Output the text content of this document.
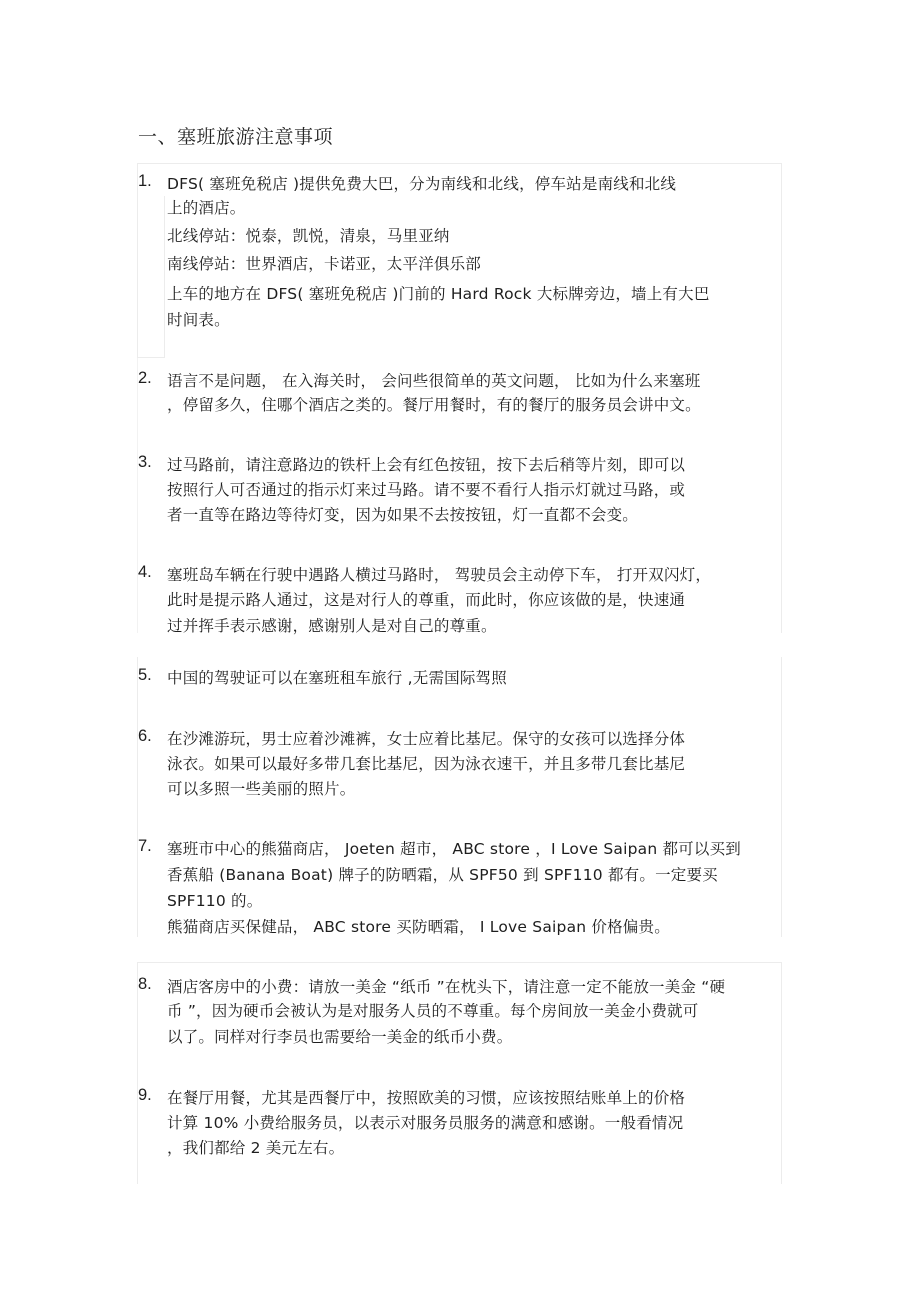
一、塞班旅游注意事项
1. DFS( 塞班免税店 )提供免费大巴，分为南线和北线，停车站是南线和北线
上的酒店。
北线停站：悦泰，凯悦，清泉，马里亚纳
南线停站：世界酒店，卡诺亚，太平洋俱乐部
上车的地方在 DFS( 塞班免税店 )门前的 Hard Rock 大标牌旁边，墙上有大巴
时间表。
2. 语言不是问题， 在入海关时， 会问些很简单的英文问题， 比如为什么来塞班
，停留多久，住哪个酒店之类的。餐厅用餐时，有的餐厅的服务员会讲中文。
3. 过马路前，请注意路边的铁杆上会有红色按钮，按下去后稍等片刻，即可以
按照行人可否通过的指示灯来过马路。请不要不看行人指示灯就过马路，或
者一直等在路边等待灯变，因为如果不去按按钮，灯一直都不会变。
4. 塞班岛车辆在行驶中遇路人横过马路时， 驾驶员会主动停下车， 打开双闪灯，
此时是提示路人通过，这是对行人的尊重，而此时，你应该做的是，快速通
过并挥手表示感谢，感谢别人是对自己的尊重。
5. 中国的驾驶证可以在塞班租车旅行 ,无需国际驾照
6. 在沙滩游玩，男士应着沙滩裤，女士应着比基尼。保守的女孩可以选择分体
泳衣。如果可以最好多带几套比基尼，因为泳衣速干，并且多带几套比基尼
可以多照一些美丽的照片。
7. 塞班市中心的熊猫商店， Joeten 超市， ABC store ，I Love Saipan 都可以买到
香蕉船 (Banana Boat) 牌子的防晒霜，从 SPF50 到 SPF110 都有。一定要买
SPF110 的。
熊猫商店买保健品， ABC store 买防晒霜， I Love Saipan 价格偏贵。
8. 酒店客房中的小费：请放一美金 “纸币 ”在枕头下，请注意一定不能放一美金 “硬
币 ”，因为硬币会被认为是对服务人员的不尊重。每个房间放一美金小费就可
以了。同样对行李员也需要给一美金的纸币小费。
9. 在餐厅用餐，尤其是西餐厅中，按照欧美的习惯，应该按照结账单上的价格
计算 10% 小费给服务员，以表示对服务员服务的满意和感谢。一般看情况
，我们都给 2 美元左右。
